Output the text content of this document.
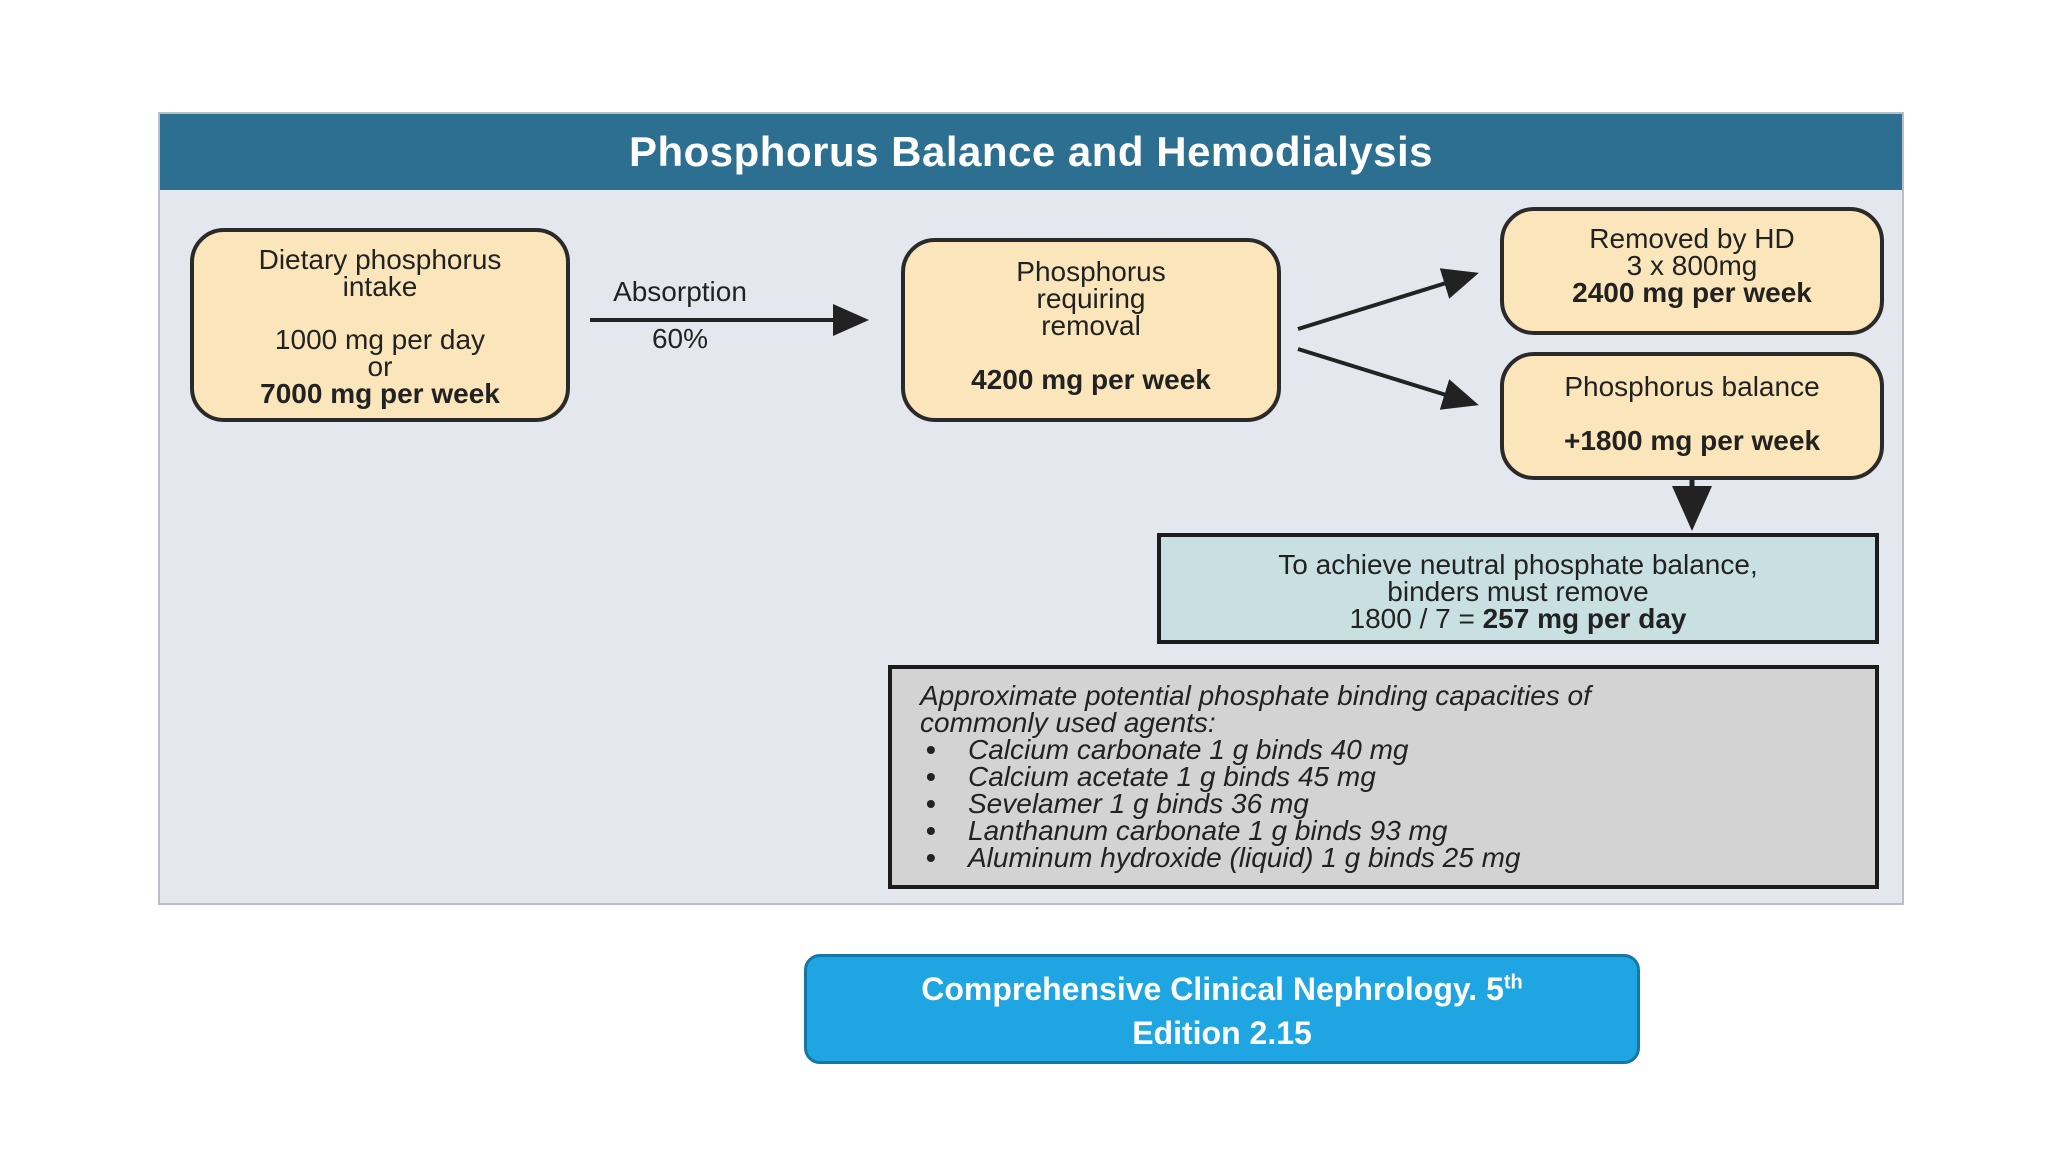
Phosphorus Balance and Hemodialysis
Dietary phosphorus
intake
1000 mg per day
or
7000 mg per week
Absorption
60%
Phosphorus
requiring
removal
4200 mg per week
Removed by HD
3 x 800mg
2400 mg per week
Phosphorus balance
+1800 mg per week
To achieve neutral phosphate balance,
binders must remove
1800 / 7 = 257 mg per day
Approximate potential phosphate binding capacities of
commonly used agents:
• Calcium carbonate 1 g binds 40 mg
• Calcium acetate 1 g binds 45 mg
• Sevelamer 1 g binds 36 mg
• Lanthanum carbonate 1 g binds 93 mg
• Aluminum hydroxide (liquid) 1 g binds 25 mg
Comprehensive Clinical Nephrology. 5th
Edition 2.15
